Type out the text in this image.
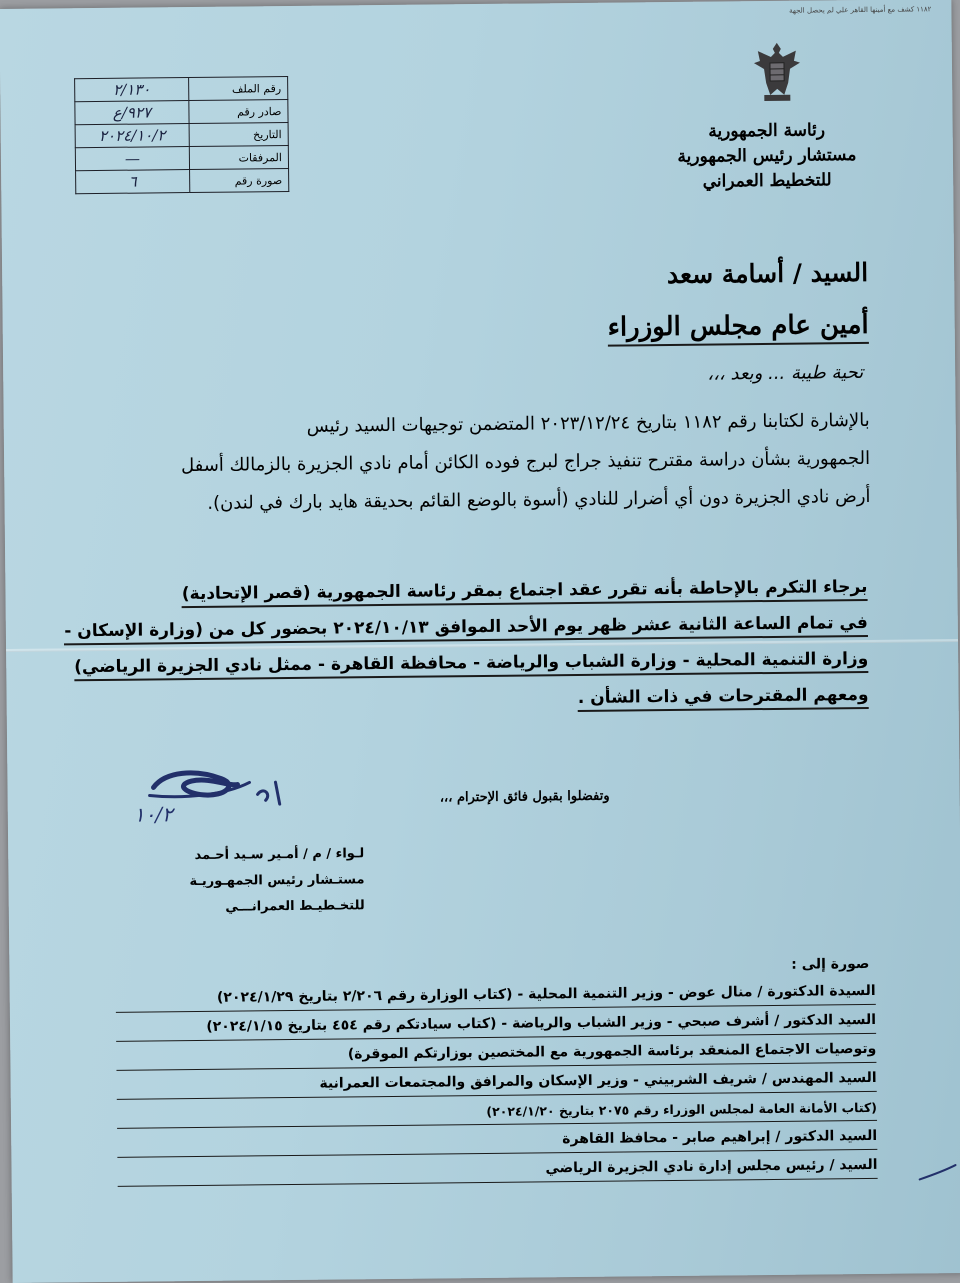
١١٨٢ كشف مع أمينها القاهر علي لم يحصل الجهة
رئاسة الجمهورية
مستشار رئيس الجمهورية
للتخطيط العمراني
رقم الملف	٢/١٣٠
صادر رقم	٩٢٧/ع
التاريخ	٢٠٢٤/١٠/٢
المرفقات	—
صورة رقم	٦
السيد / أسامة سعد
أمين عام مجلس الوزراء
تحية طيبة ... وبعد ،،،

بالإشارة لكتابنا رقم ١١٨٢ بتاريخ ٢٠٢٣/١٢/٢٤ المتضمن توجيهات السيد رئيس

الجمهورية بشأن دراسة مقترح تنفيذ جراج لبرج فوده الكائن أمام نادي الجزيرة بالزمالك أسفل

أرض نادي الجزيرة دون أي أضرار للنادي (أسوة بالوضع القائم بحديقة هايد بارك في لندن).

برجاء التكرم بالإحاطة بأنه تقرر عقد اجتماع بمقر رئاسة الجمهورية (قصر الإتحادية)

في تمام الساعة الثانية عشر ظهر يوم الأحد الموافق ٢٠٢٤/١٠/١٣ بحضور كل من (وزارة الإسكان -

وزارة التنمية المحلية - وزارة الشباب والرياضة - محافظة القاهرة - ممثل نادي الجزيرة الرياضي)

ومعهم المقترحات في ذات الشأن .

وتفضلوا بقبول فائق الإحترام ،،،
١٠/٢
لـواء / م / أمـير سـيد أحـمد
مستـشار رئيس الجمهـوريـة
للتخـطيـط العمرانـــي
صورة إلى :
السيدة الدكتورة / منال عوض - وزير التنمية المحلية - (كتاب الوزارة رقم ٢/٢٠٦ بتاريخ ٢٠٢٤/١/٢٩)
السيد الدكتور / أشرف صبحي - وزير الشباب والرياضة - (كتاب سيادتكم رقم ٤٥٤ بتاريخ ٢٠٢٤/١/١٥)
وتوصيات الاجتماع المنعقد برئاسة الجمهورية مع المختصين بوزارتكم الموقرة)
السيد المهندس / شريف الشربيني - وزير الإسكان والمرافق والمجتمعات العمرانية
(كتاب الأمانة العامة لمجلس الوزراء رقم ٢٠٧٥ بتاريخ ٢٠٢٤/١/٢٠)
السيد الدكتور / إبراهيم صابر - محافظ القاهرة
السيد / رئيس مجلس إدارة نادي الجزيرة الرياضي
